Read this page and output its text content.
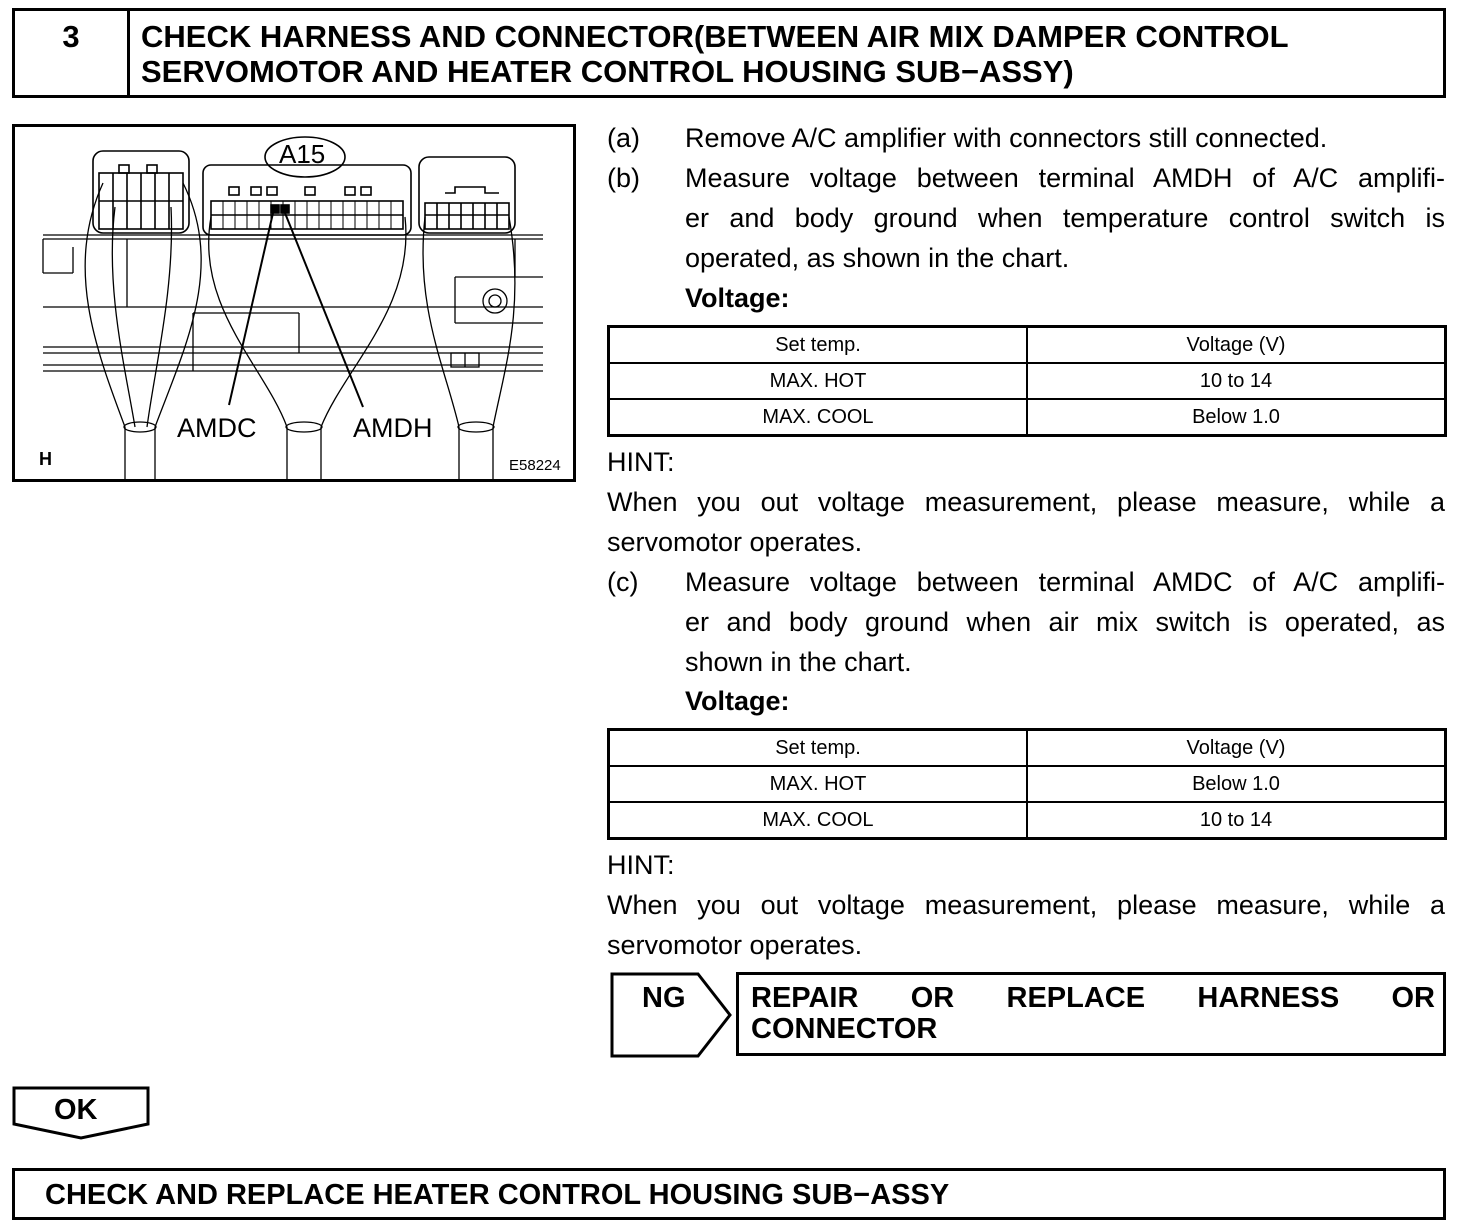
3	CHECK HARNESS AND CONNECTOR(BETWEEN AIR MIX DAMPER CONTROL
SERVOMOTOR AND HEATER CONTROL HOUSING SUB−ASSY)
A15
AMDC	AMDH
H	E58224
(a) Remove A/C amplifier with connectors still connected.
(b) Measure voltage between terminal AMDH of A/C amplifi-
er and body ground when temperature control switch is
operated, as shown in the chart.
Voltage:
Set temp.	Voltage (V)
MAX. HOT	10 to 14
MAX. COOL	Below 1.0
HINT:
When you out voltage measurement, please measure, while a
servomotor operates.
(c) Measure voltage between terminal AMDC of A/C amplifi-
er and body ground when air mix switch is operated, as
shown in the chart.
Voltage:
Set temp.	Voltage (V)
MAX. HOT	Below 1.0
MAX. COOL	10 to 14
HINT:
When you out voltage measurement, please measure, while a
servomotor operates.
NG REPAIR OR REPLACE HARNESS OR CONNECTOR
OK
CHECK AND REPLACE HEATER CONTROL HOUSING SUB−ASSY
